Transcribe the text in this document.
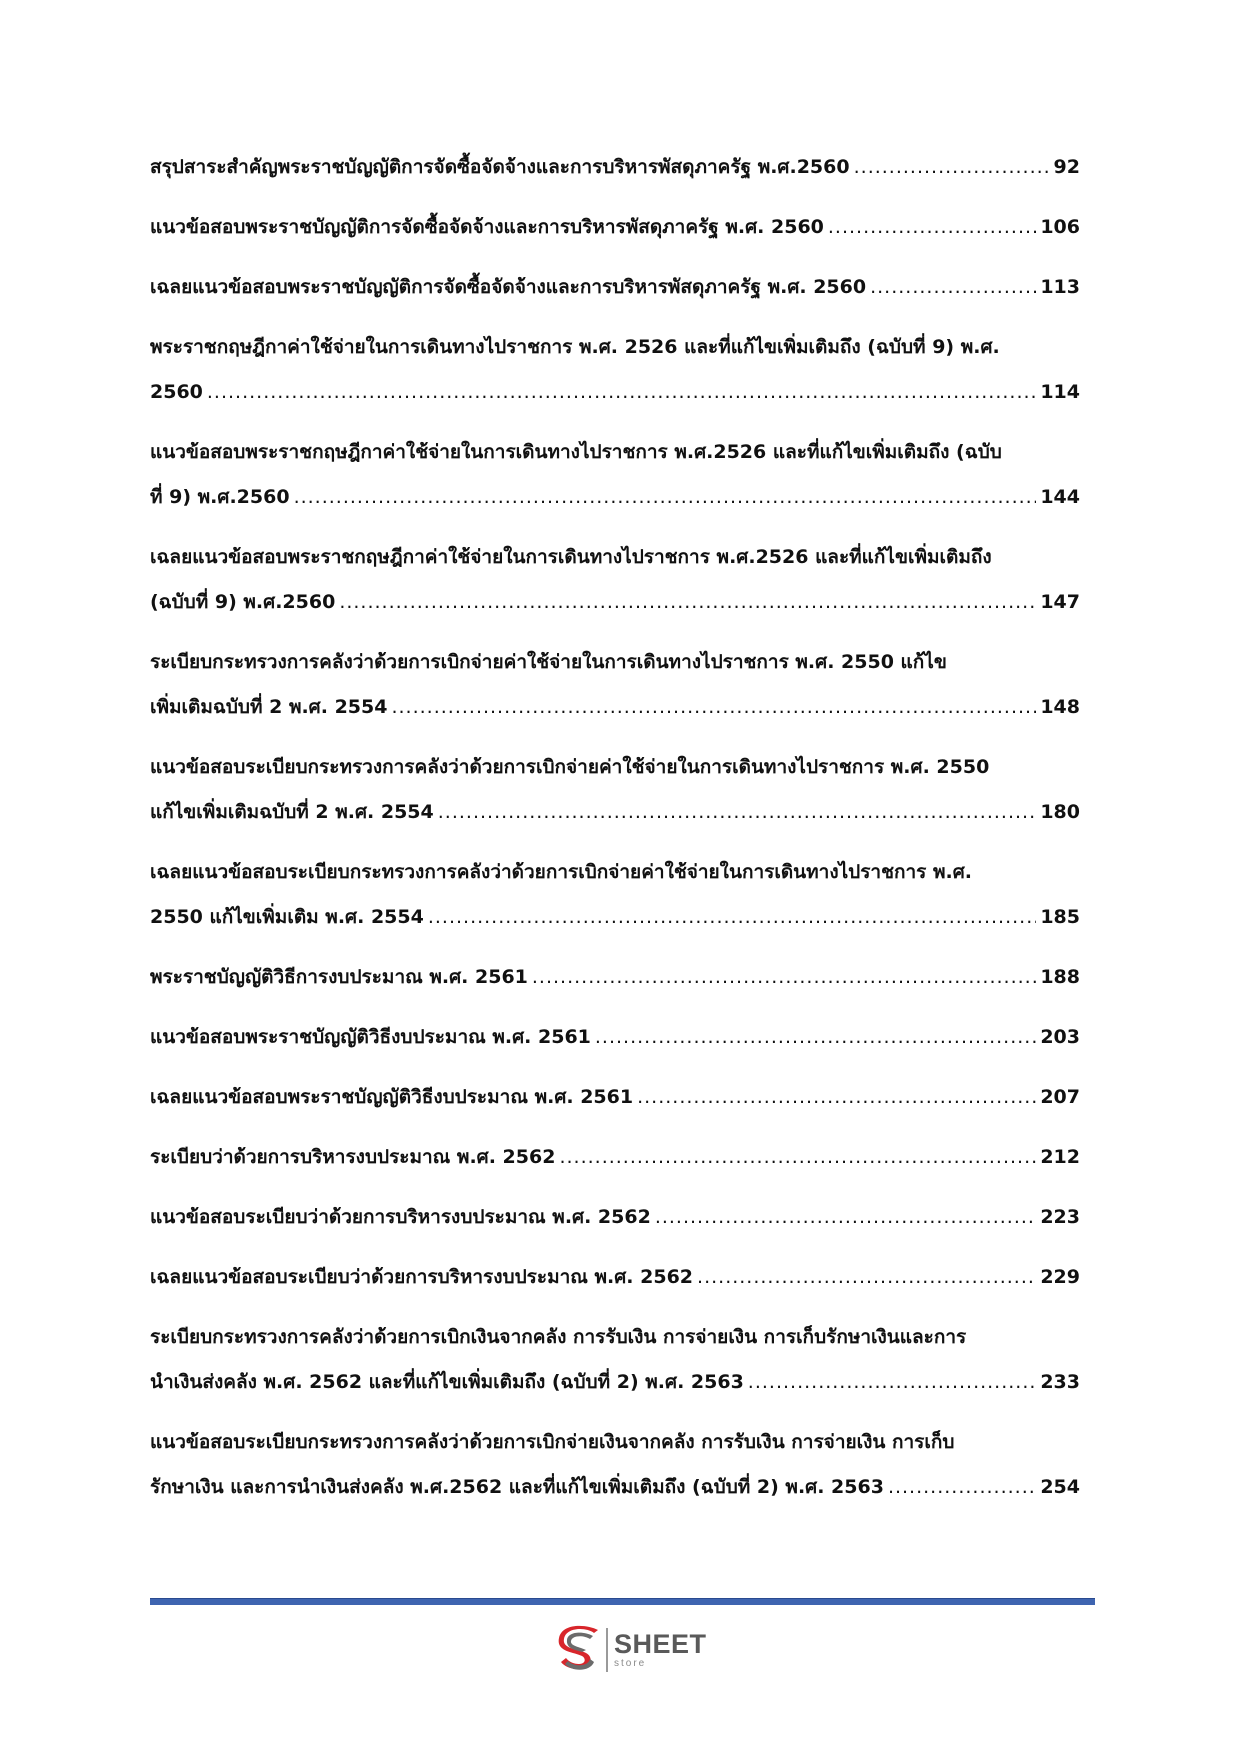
สรุปสาระสำคัญพระราชบัญญัติการจัดซื้อจัดจ้างและการบริหารพัสดุภาครัฐ พ.ศ.2560 .....	92
แนวข้อสอบพระราชบัญญัติการจัดซื้อจัดจ้างและการบริหารพัสดุภาครัฐ พ.ศ. 2560 .....	106
เฉลยแนวข้อสอบพระราชบัญญัติการจัดซื้อจัดจ้างและการบริหารพัสดุภาครัฐ พ.ศ. 2560 .....	113
พระราชกฤษฎีกาค่าใช้จ่ายในการเดินทางไปราชการ พ.ศ. 2526 และที่แก้ไขเพิ่มเติมถึง (ฉบับที่ 9) พ.ศ.
2560 .....	114
แนวข้อสอบพระราชกฤษฎีกาค่าใช้จ่ายในการเดินทางไปราชการ พ.ศ.2526 และที่แก้ไขเพิ่มเติมถึง (ฉบับ
ที่ 9) พ.ศ.2560 .....	144
เฉลยแนวข้อสอบพระราชกฤษฎีกาค่าใช้จ่ายในการเดินทางไปราชการ พ.ศ.2526 และที่แก้ไขเพิ่มเติมถึง
(ฉบับที่ 9) พ.ศ.2560 .....	147
ระเบียบกระทรวงการคลังว่าด้วยการเบิกจ่ายค่าใช้จ่ายในการเดินทางไปราชการ พ.ศ. 2550 แก้ไข
เพิ่มเติมฉบับที่ 2 พ.ศ. 2554 .....	148
แนวข้อสอบระเบียบกระทรวงการคลังว่าด้วยการเบิกจ่ายค่าใช้จ่ายในการเดินทางไปราชการ พ.ศ. 2550
แก้ไขเพิ่มเติมฉบับที่ 2 พ.ศ. 2554 .....	180
เฉลยแนวข้อสอบระเบียบกระทรวงการคลังว่าด้วยการเบิกจ่ายค่าใช้จ่ายในการเดินทางไปราชการ พ.ศ.
2550 แก้ไขเพิ่มเติม พ.ศ. 2554 .....	185
พระราชบัญญัติวิธีการงบประมาณ พ.ศ. 2561 .....	188
แนวข้อสอบพระราชบัญญัติวิธีงบประมาณ พ.ศ. 2561 .....	203
เฉลยแนวข้อสอบพระราชบัญญัติวิธีงบประมาณ พ.ศ. 2561 .....	207
ระเบียบว่าด้วยการบริหารงบประมาณ พ.ศ. 2562 .....	212
แนวข้อสอบระเบียบว่าด้วยการบริหารงบประมาณ พ.ศ. 2562 .....	223
เฉลยแนวข้อสอบระเบียบว่าด้วยการบริหารงบประมาณ พ.ศ. 2562 .....	229
ระเบียบกระทรวงการคลังว่าด้วยการเบิกเงินจากคลัง การรับเงิน การจ่ายเงิน การเก็บรักษาเงินและการ
นำเงินส่งคลัง พ.ศ. 2562 และที่แก้ไขเพิ่มเติมถึง (ฉบับที่ 2) พ.ศ. 2563 .....	233
แนวข้อสอบระเบียบกระทรวงการคลังว่าด้วยการเบิกจ่ายเงินจากคลัง การรับเงิน การจ่ายเงิน การเก็บ
รักษาเงิน และการนำเงินส่งคลัง พ.ศ.2562 และที่แก้ไขเพิ่มเติมถึง (ฉบับที่ 2) พ.ศ. 2563 .....	254
SHEET
store
